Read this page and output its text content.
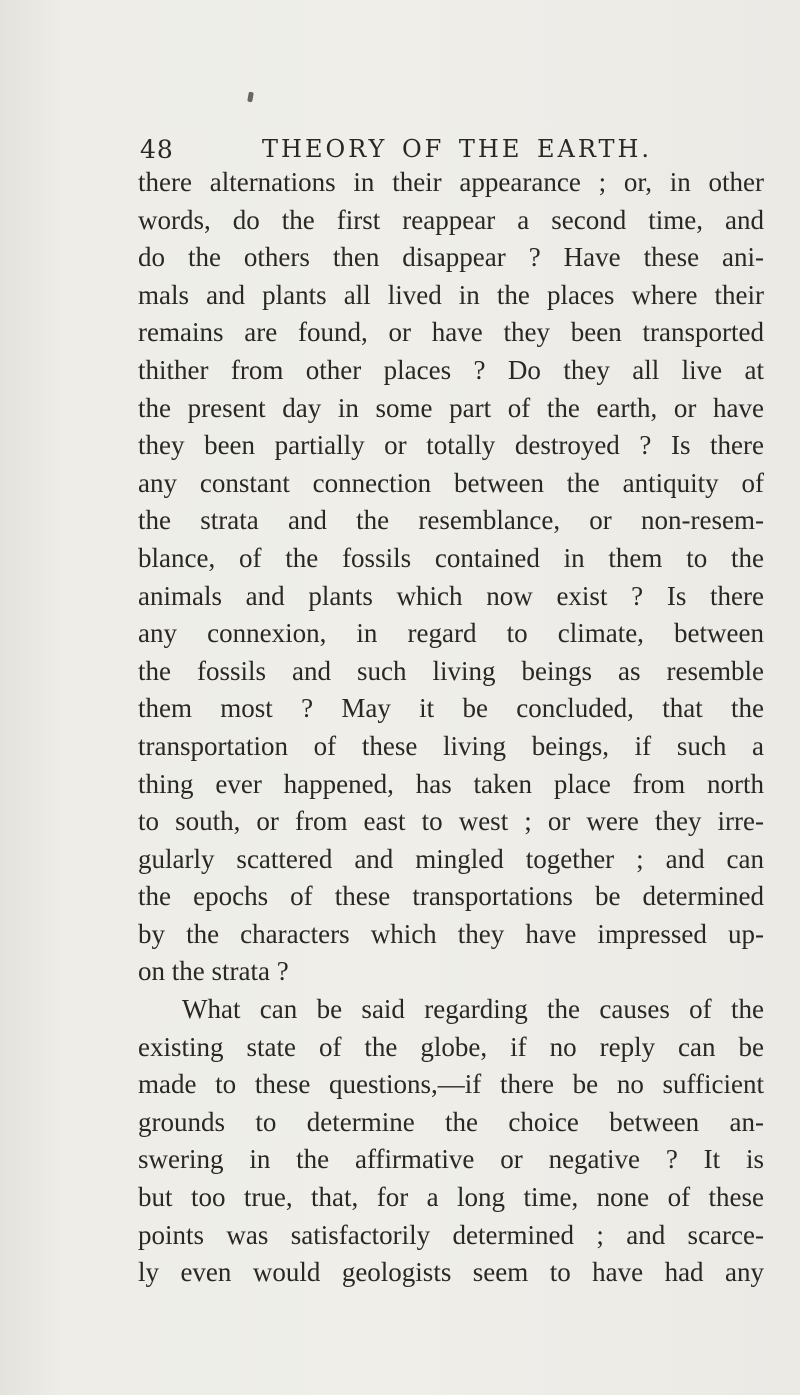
48	THEORY OF THE EARTH.
there alternations in their appearance ; or, in other
words, do the first reappear a second time, and
do the others then disappear ? Have these ani-
mals and plants all lived in the places where their
remains are found, or have they been transported
thither from other places ? Do they all live at
the present day in some part of the earth, or have
they been partially or totally destroyed ? Is there
any constant connection between the antiquity of
the strata and the resemblance, or non-resem-
blance, of the fossils contained in them to the
animals and plants which now exist ? Is there
any connexion, in regard to climate, between
the fossils and such living beings as resemble
them most ? May it be concluded, that the
transportation of these living beings, if such a
thing ever happened, has taken place from north
to south, or from east to west ; or were they irre-
gularly scattered and mingled together ; and can
the epochs of these transportations be determined
by the characters which they have impressed up-
on the strata ?
What can be said regarding the causes of the
existing state of the globe, if no reply can be
made to these questions,—if there be no sufficient
grounds to determine the choice between an-
swering in the affirmative or negative ? It is
but too true, that, for a long time, none of these
points was satisfactorily determined ; and scarce-
ly even would geologists seem to have had any
